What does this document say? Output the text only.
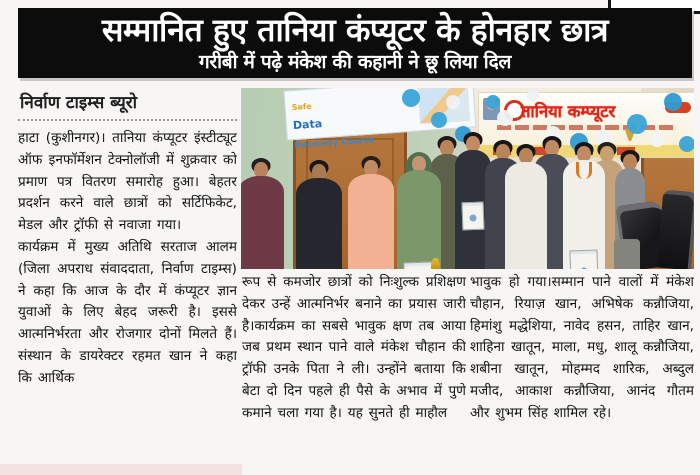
सम्मानित हुए तानिया कंप्यूटर के होनहार छात्र
गरीबी में पढ़े मंकेश की कहानी ने छू लिया दिल
निर्वाण टाइम्स ब्यूरो

हाटा (कुशीनगर)। तानिया कंप्यूटर इंस्टीट्यूट ऑफ इनफॉर्मेशन टेक्नोलॉजी में शुक्रवार को प्रमाण पत्र वितरण समारोह हुआ। बेहतर प्रदर्शन करने वाले छात्रों को सर्टिफिकेट, मेडल और ट्रॉफी से नवाजा गया।

कार्यक्रम में मुख्य अतिथि सरताज आलम (जिला अपराध संवाददाता, निर्वाण टाइम्स) ने कहा कि आज के दौर में कंप्यूटर ज्ञान युवाओं के लिए बेहद जरूरी है। इससे आत्मनिर्भरता और रोजगार दोनों मिलते हैं।संस्थान के डायरेक्टर रहमत खान ने कहा कि आर्थिक

Safe
Data
Recovery Course
तानिया कम्प्यूटर

रूप से कमजोर छात्रों को निःशुल्क प्रशिक्षण देकर उन्हें आत्मनिर्भर बनाने का प्रयास जारी है।कार्यक्रम का सबसे भावुक क्षण तब आया जब प्रथम स्थान पाने वाले मंकेश चौहान की ट्रॉफी उनके पिता ने ली। उन्होंने बताया कि बेटा दो दिन पहले ही पैसे के अभाव में पुणे कमाने चला गया है। यह सुनते ही माहौल

भावुक हो गया।सम्मान पाने वालों में मंकेश चौहान, रियाज़ खान, अभिषेक कन्नौजिया, हिमांशु मद्धेशिया, नावेद हसन, ताहिर खान, शाहिना खातून, माला, मधु, शालू कन्नौजिया, शबीना खातून, मोहम्मद शारिक, अब्दुल मजीद, आकाश कन्नौजिया, आनंद गौतम और शुभम सिंह शामिल रहे।
